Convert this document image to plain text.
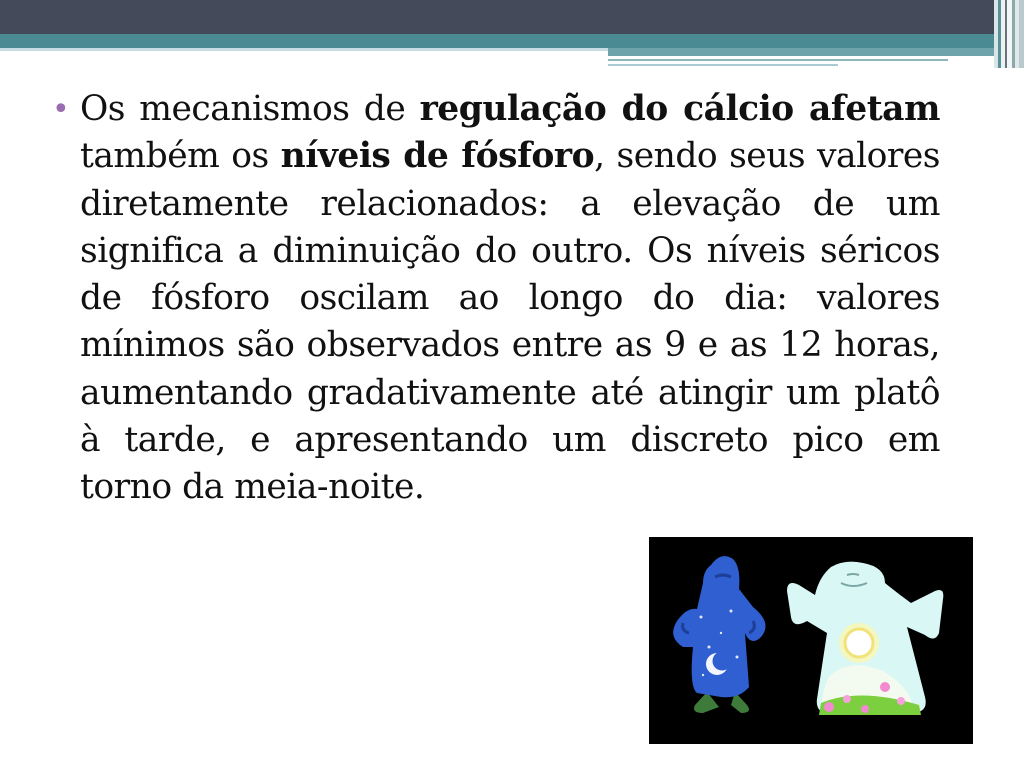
• Os mecanismos de regulação do cálcio afetam também os níveis de fósforo, sendo seus valores diretamente relacionados: a elevação de um significa a diminuição do outro. Os níveis séricos de fósforo oscilam ao longo do dia: valores mínimos são observados entre as 9 e as 12 horas, aumentando gradativamente até atingir um platô à tarde, e apresentando um discreto pico em torno da meia-noite.
